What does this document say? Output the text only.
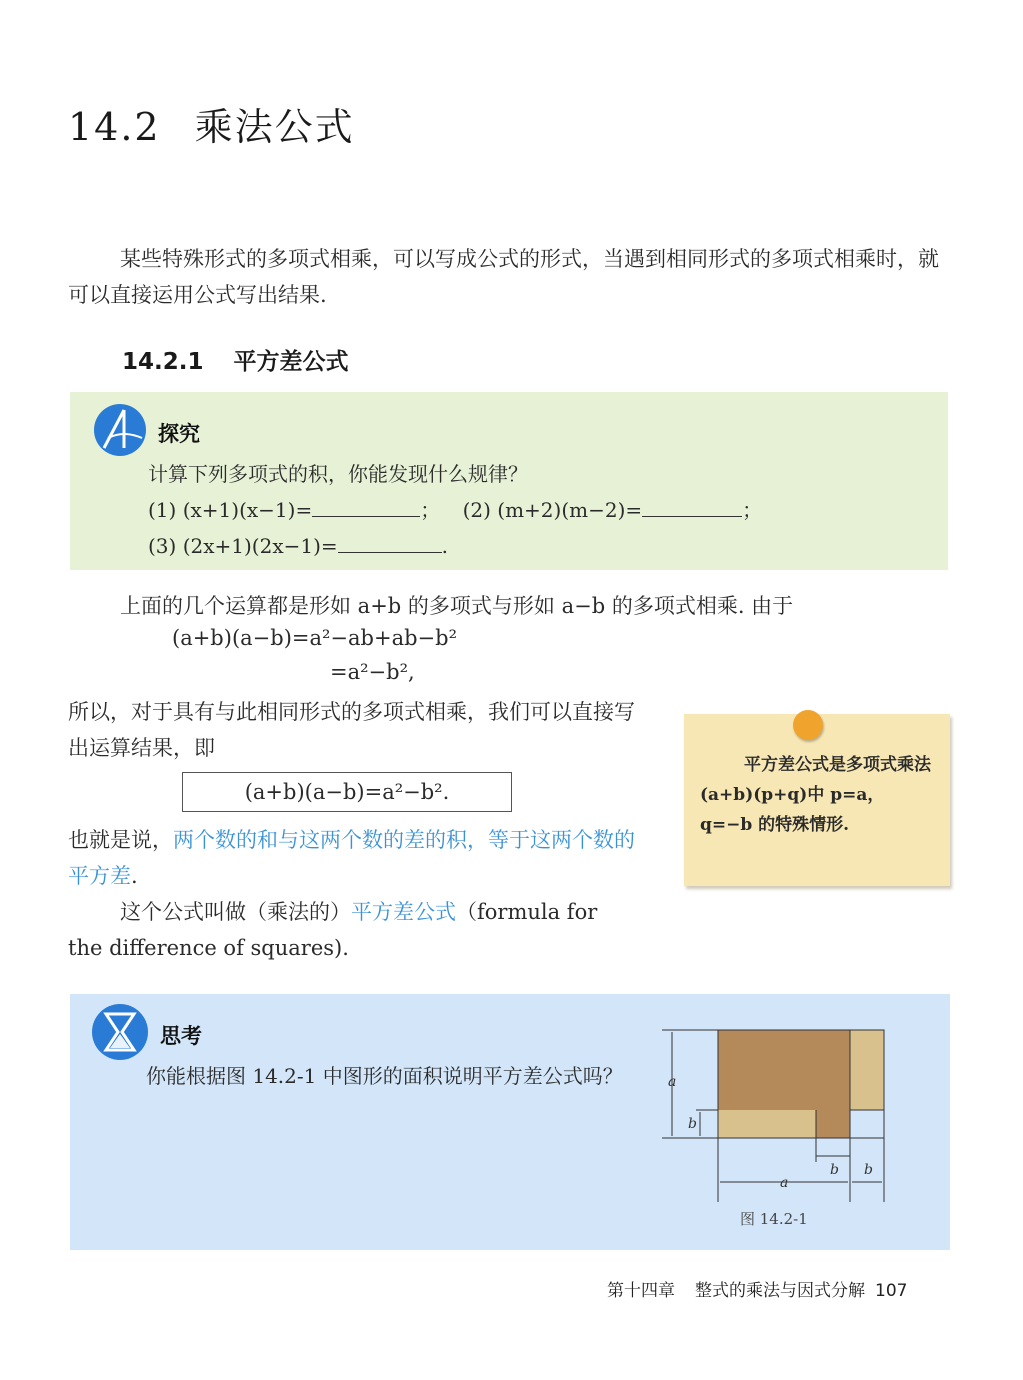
14.2 乘法公式
某些特殊形式的多项式相乘，可以写成公式的形式，当遇到相同形式的多项式相乘时，就可以直接运用公式写出结果.
14.2.1 平方差公式
探究
计算下列多项式的积，你能发现什么规律？
(1) (x+1)(x−1)=	； (2) (m+2)(m−2)=	；
(3) (2x+1)(2x−1)=	.
上面的几个运算都是形如 a+b 的多项式与形如 a−b 的多项式相乘. 由于
(a+b)(a−b)=a²−ab+ab−b²
=a²−b²,
所以，对于具有与此相同形式的多项式相乘，我们可以直接写出运算结果，即
(a+b)(a−b)=a²−b².
也就是说，两个数的和与这两个数的差的积，等于这两个数的平方差.
这个公式叫做（乘法的）平方差公式（formula for the difference of squares).
平方差公式是多项式乘法(a+b)(p+q)中 p=a，q=−b 的特殊情形.
思考
你能根据图 14.2-1 中图形的面积说明平方差公式吗？	a
b
b
a
b
图 14.2-1
第十四章 整式的乘法与因式分解 107
